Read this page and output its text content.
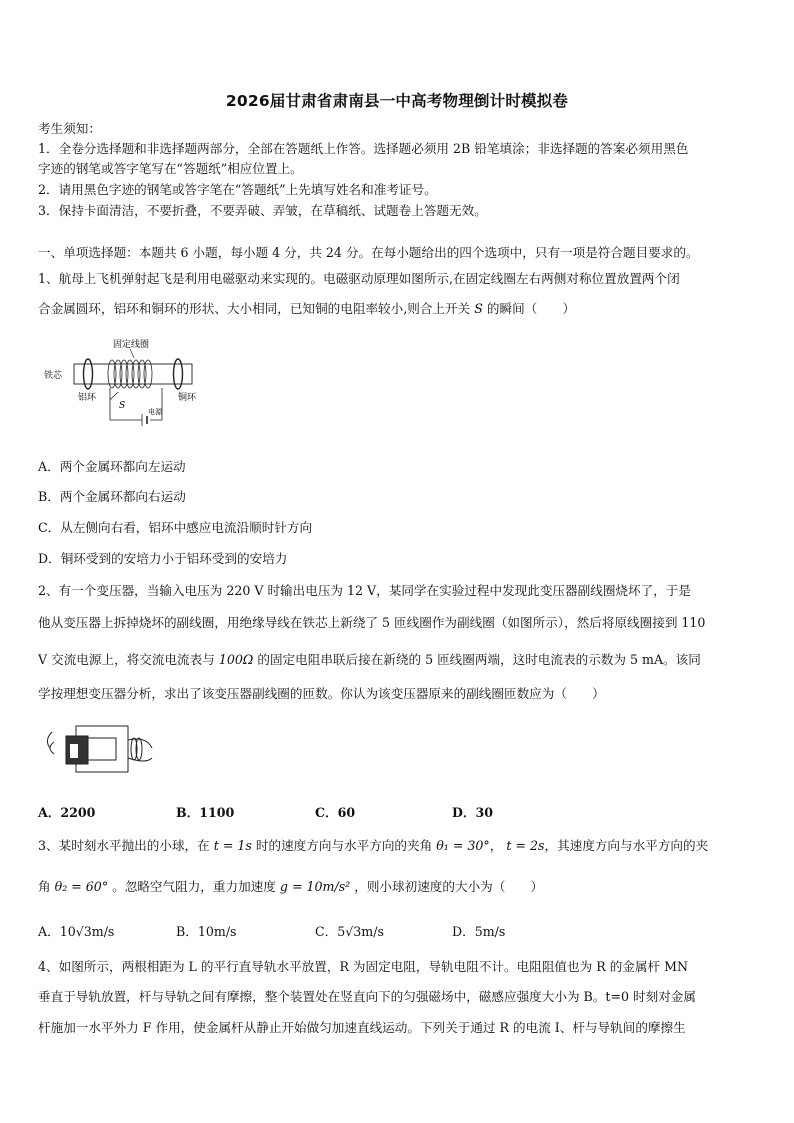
2026届甘肃省肃南县一中高考物理倒计时模拟卷
考生须知：
1．全卷分选择题和非选择题两部分，全部在答题纸上作答。选择题必须用 2B 铅笔填涂；非选择题的答案必须用黑色
字迹的钢笔或答字笔写在“答题纸”相应位置上。
2．请用黑色字迹的钢笔或答字笔在“答题纸”上先填写姓名和准考证号。
3．保持卡面清洁，不要折叠，不要弄破、弄皱，在草稿纸、试题卷上答题无效。
一、单项选择题：本题共 6 小题，每小题 4 分，共 24 分。在每小题给出的四个选项中，只有一项是符合题目要求的。
1、航母上飞机弹射起飞是利用电磁驱动来实现的。电磁驱动原理如图所示,在固定线圈左右两侧对称位置放置两个闭
合金属圆环，铝环和铜环的形状、大小相同，已知铜的电阻率较小,则合上开关 S 的瞬间（　　）
固定线圈
铁芯
铝环	铜环
S
电源
A．两个金属环都向左运动
B．两个金属环都向右运动
C．从左侧向右看，铝环中感应电流沿顺时针方向
D．铜环受到的安培力小于铝环受到的安培力
2、有一个变压器，当输入电压为 220 V 时输出电压为 12 V，某同学在实验过程中发现此变压器副线圈烧坏了，于是
他从变压器上拆掉烧坏的副线圈，用绝缘导线在铁芯上新绕了 5 匝线圈作为副线圈（如图所示），然后将原线圈接到 110
V 交流电源上，将交流电流表与 100Ω 的固定电阻串联后接在新绕的 5 匝线圈两端，这时电流表的示数为 5 mA。该同
学按理想变压器分析，求出了该变压器副线圈的匝数。你认为该变压器原来的副线圈匝数应为（　　）
A．2200	B．1100	C．60	D．30
3、某时刻水平抛出的小球，在 t = 1s 时的速度方向与水平方向的夹角 θ₁ = 30°， t = 2s，其速度方向与水平方向的夹
角 θ₂ = 60° 。忽略空气阻力，重力加速度 g = 10m/s² ，则小球初速度的大小为（　　）
A．10√3m/s	B．10m/s	C．5√3m/s	D．5m/s
4、如图所示，两根相距为 L 的平行直导轨水平放置，R 为固定电阻，导轨电阻不计。电阻阻值也为 R 的金属杆 MN
垂直于导轨放置，杆与导轨之间有摩擦，整个装置处在竖直向下的匀强磁场中，磁感应强度大小为 B。t=0 时刻对金属
杆施加一水平外力 F 作用，使金属杆从静止开始做匀加速直线运动。下列关于通过 R 的电流 I、杆与导轨间的摩擦生
